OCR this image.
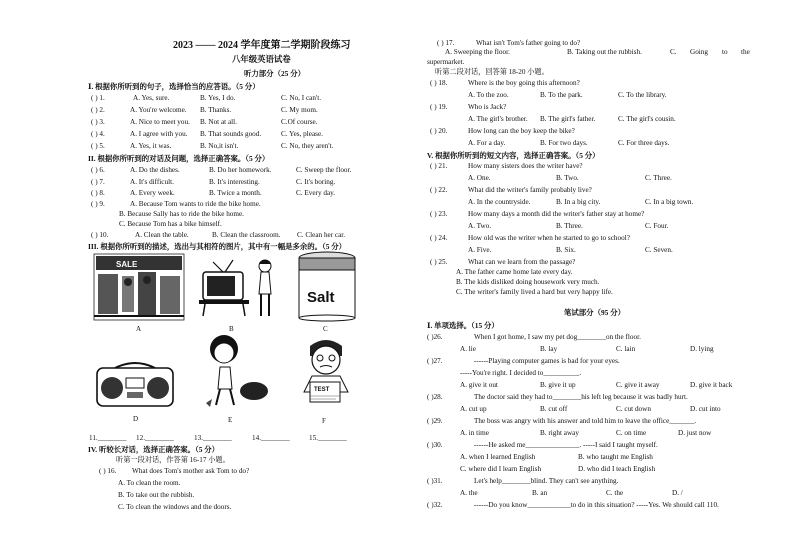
2023 —— 2024 学年度第二学期阶段练习
八年级英语试卷
听力部分（25 分）
Ⅰ. 根据你所听到的句子，选择恰当的应答语。（5 分）
( ) 1.	A. Yes, sure.	B. Yes, I do.	C. No, I can't.
( ) 2.	A. You're welcome. B. Thanks.	C. My mom.
( ) 3.	A. Nice to meet you. B. Not at all.	C.Of course.
( ) 4.	A. I agree with you. B. That sounds good.	C. Yes, please.
( ) 5.	A. Yes, it was.	B. No,it isn't.	C. No, they aren't.
II. 根据你所听到的对话及问题，选择正确答案。（5 分）
( ) 6.	A. Do the dishes.	B. Do her homework.	C. Sweep the floor.
( ) 7.	A. It's difficult.	B. It's interesting.	C. It's boring.
( ) 8.	A. Every week.	B. Twice a month.	C. Every day.
( ) 9.	A. Because Tom wants to ride the bike home.
B. Because Sally has to ride the bike home.
C. Because Tom has a bike himself.
( ) 10.	A. Clean the table.	B. Clean the classroom. C. Clean her car.
III. 根据你所听到的描述，选出与其相符的图片，其中有一幅是多余的。（5 分）
SALE
A	B
Salt
C
D	E
TEST
F
11.________ 12.________	13.________	14.________	15.________
IV. 听较长对话，选择正确答案。（5 分）
听第一段对话，作答第 16-17 小题。
( ) 16. What does Tom's mother ask Tom to do?
A. To clean the room.
B. To take out the rubbish.
C. To clean the windows and the doors.
( ) 17.	What isn't Tom's father going to do?
A. Sweeping the floor.	B. Taking out the rubbish.	C. Going to the
supermarket.
听第二段对话，回答第 18-20 小题。
( ) 18.	Where is the boy going this afternoon?
A. To the zoo.	B. To the park.	C. To the library.
( ) 19.	Who is Jack?
A. The girl's brother. B. The girl's father.	C. The girl's cousin.
( ) 20.	How long can the boy keep the bike?
A. For a day.	B. For two days.	C. For three days.
V. 根据你所听到的短文内容，选择正确答案。（5 分）
( ) 21.	How many sisters does the writer have?
A. One.	B. Two.	C. Three.
( ) 22.	What did the writer's family probably live?
A. In the countryside.	B. In a big city.	C. In a big town.
( ) 23.	How many days a month did the writer's father stay at home?
A. Two.	B. Three.	C. Four.
( ) 24.	How old was the writer when he started to go to school?
A. Five.	B. Six.	C. Seven.
( ) 25.	What can we learn from the passage?
A. The father came home late every day.
B. The kids disliked doing housework very much.
C. The writer's family lived a hard but very happy life.
笔试部分（95 分）
Ⅰ. 单项选择。（15 分）
( )26.	When I got home, I saw my pet dog________on the floor.
A. lie	B. lay	C. lain	D. lying
( )27.	------Playing computer games is bad for your eyes.
-----You're right. I decided to__________.
A. give it out	B. give it up	C. give it away	D. give it back
( )28.	The doctor said they had to________his left leg because it was badly hurt.
A. cut up	B. cut off	C. cut down	D. cut into
( )29.	The boss was angry with his answer and told him to leave the office_______.
A. in time	B. right away	C. on time	D. just now
( )30.	------He asked me_______________. -----I said I taught myself.
A. when I learned English	B. who taught me English
C. where did I learn English	D. who did I teach English
( )31.	Let's help________blind. They can't see anything.
A. the	B. an	C. the	D. /
( )32.	------Do you know____________to do in this situation? -----Yes. We should call 110.
